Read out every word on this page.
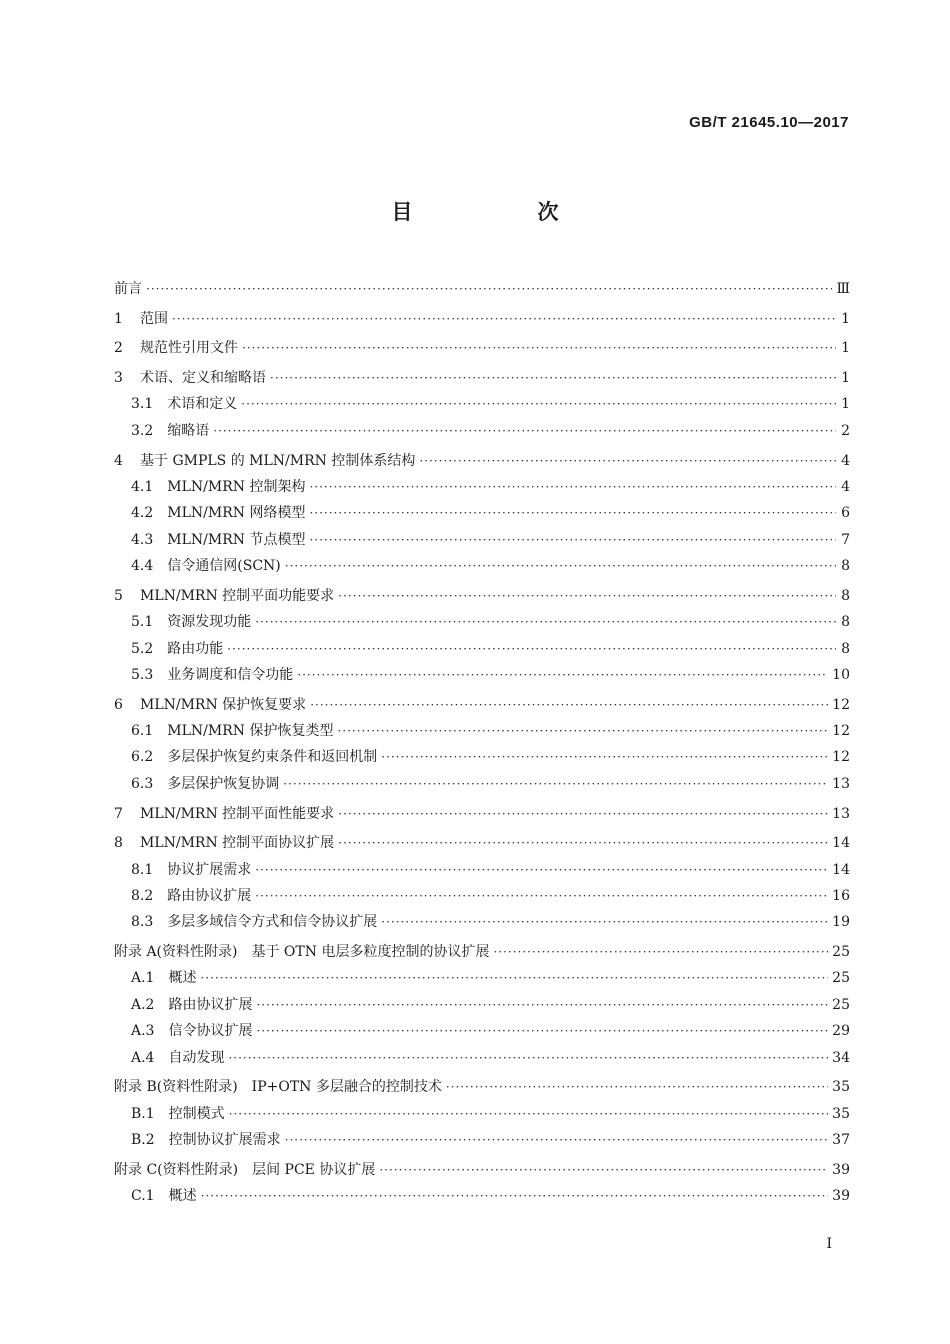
GB/T 21645.10—2017
目　次
前言 ·····	Ⅲ
1 范围 ·····	1
2 规范性引用文件 ·····	1
3 术语、定义和缩略语 ·····	1
3.1 术语和定义 ·····	1
3.2 缩略语 ·····	2
4 基于 GMPLS 的 MLN/MRN 控制体系结构 ·····	4
4.1 MLN/MRN 控制架构 ·····	4
4.2 MLN/MRN 网络模型 ·····	6
4.3 MLN/MRN 节点模型 ·····	7
4.4 信令通信网(SCN) ·····	8
5 MLN/MRN 控制平面功能要求 ·····	8
5.1 资源发现功能 ·····	8
5.2 路由功能 ·····	8
5.3 业务调度和信令功能 ·····	10
6 MLN/MRN 保护恢复要求 ·····	12
6.1 MLN/MRN 保护恢复类型 ·····	12
6.2 多层保护恢复约束条件和返回机制 ·····	12
6.3 多层保护恢复协调 ·····	13
7 MLN/MRN 控制平面性能要求 ·····	13
8 MLN/MRN 控制平面协议扩展 ·····	14
8.1 协议扩展需求 ·····	14
8.2 路由协议扩展 ·····	16
8.3 多层多域信令方式和信令协议扩展 ·····	19
附录 A(资料性附录)　基于 OTN 电层多粒度控制的协议扩展 ·····	25
A.1 概述 ·····	25
A.2 路由协议扩展 ·····	25
A.3 信令协议扩展 ·····	29
A.4 自动发现 ·····	34
附录 B(资料性附录)　IP+OTN 多层融合的控制技术 ·····	35
B.1 控制模式 ·····	35
B.2 控制协议扩展需求 ·····	37
附录 C(资料性附录)　层间 PCE 协议扩展 ·····	39
C.1 概述 ·····	39
I
